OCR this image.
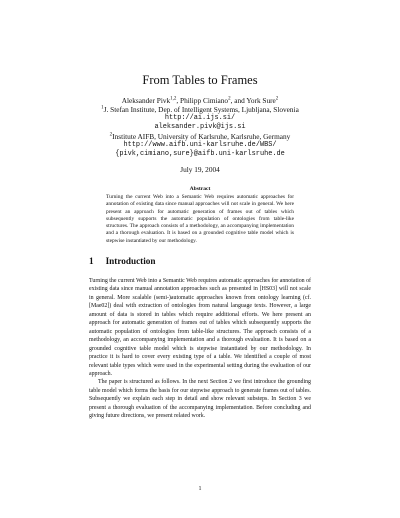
From Tables to Frames
Aleksander Pivk$^{1,2}$, Philipp Cimiano$^2$, and York Sure$^2$
$^1$J. Stefan Institute, Dep. of Intelligent Systems, Ljubljana, Slovenia
http://ai.ijs.si/
aleksander.pivk@ijs.si
$^2$Institute AIFB, University of Karlsruhe, Karlsruhe, Germany
http://www.aifb.uni-karlsruhe.de/WBS/
{pivk,cimiano,sure}@aifb.uni-karlsruhe.de
July 19, 2004
Abstract
Turning the current Web into a Semantic Web requires automatic approaches for annotation of existing data since manual approaches will not scale in general. We here present an approach for automatic generation of frames out of tables which subsequently supports the automatic population of ontologies from table-like structures. The approach consists of a methodology, an accompanying implementation and a thorough evaluation. It is based on a grounded cognitive table model which is stepwise instantiated by our methodology.
1 Introduction

Turning the current Web into a Semantic Web requires automatic approaches for annotation of existing data since manual annotation approaches such as presented in [HS03] will not scale in general. More scalable (semi-)automatic approaches known from ontology learning (cf. [Mae02]) deal with extraction of ontologies from natural language texts. However, a large amount of data is stored in tables which require additional efforts. We here present an approach for automatic generation of frames out of tables which subsequently supports the automatic population of ontologies from table-like structures. The approach consists of a methodology, an accompanying implementation and a thorough evaluation. It is based on a grounded cognitive table model which is stepwise instantiated by our methodology. In practice it is hard to cover every existing type of a table. We identified a couple of most relevant table types which were used in the experimental setting during the evaluation of our approach.

The paper is structured as follows. In the next Section 2 we first introduce the grounding table model which forms the basis for our stepwise approach to generate frames out of tables. Subsequently we explain each step in detail and show relevant substeps. In Section 3 we present a thorough evaluation of the accompanying implementation. Before concluding and giving future directions, we present related work.

1
